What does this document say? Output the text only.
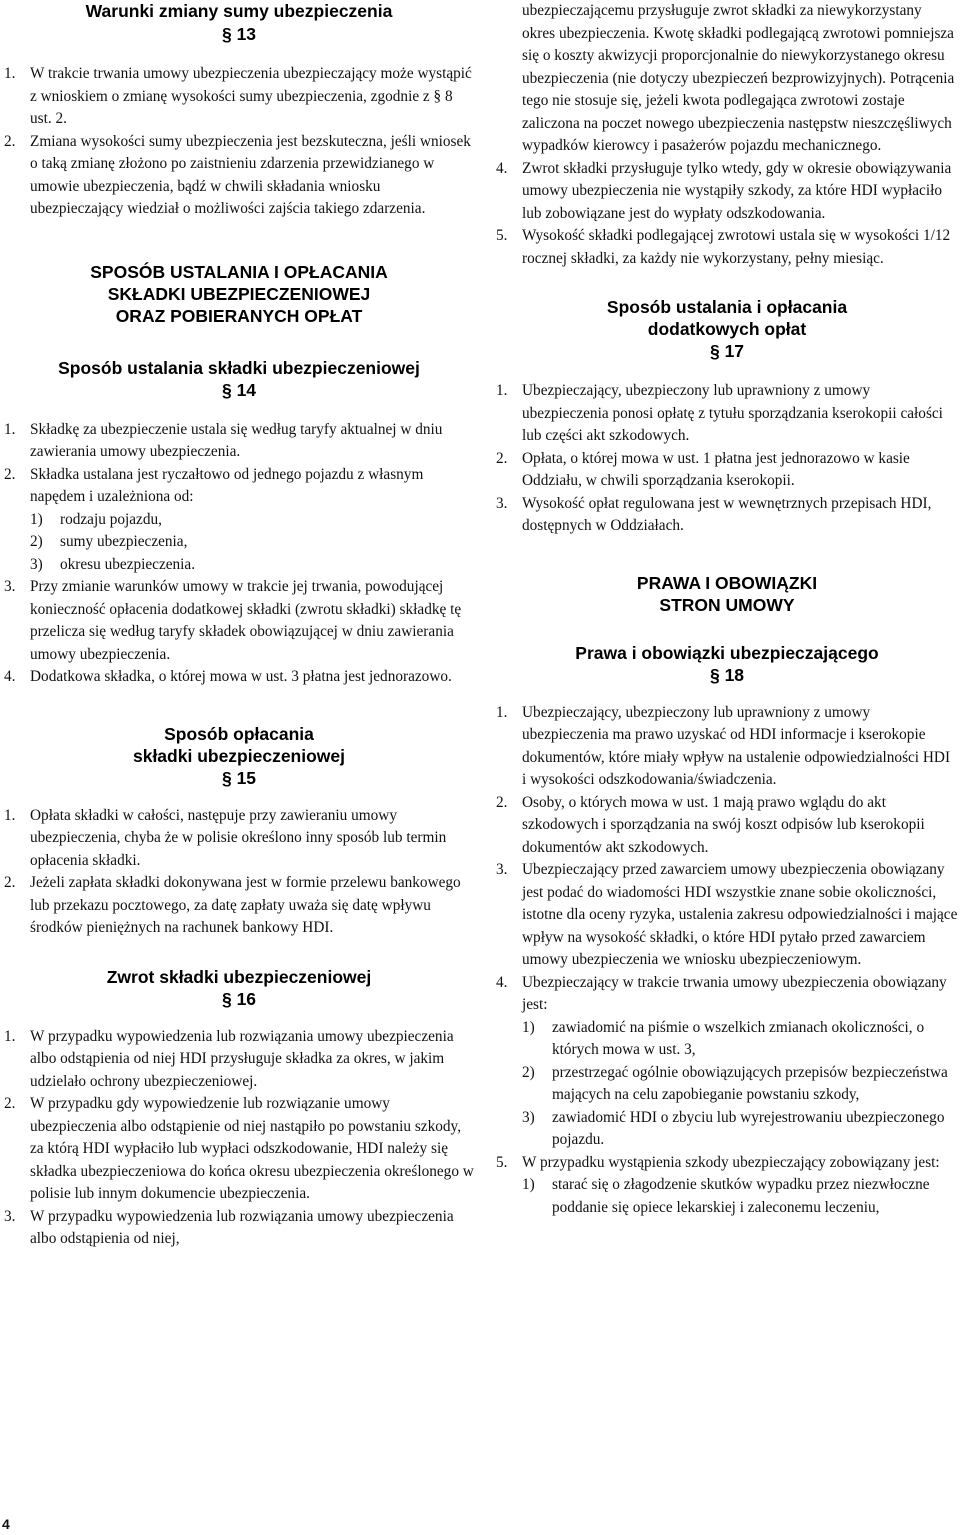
Warunki zmiany sumy ubezpieczenia
§ 13
1. W trakcie trwania umowy ubezpieczenia ubezpieczający może wystąpić z wnioskiem o zmianę wysokości sumy ubezpieczenia, zgodnie z § 8 ust. 2.
2. Zmiana wysokości sumy ubezpieczenia jest bezskuteczna, jeśli wniosek o taką zmianę złożono po zaistnieniu zdarzenia przewidzianego w umowie ubezpieczenia, bądź w chwili składania wniosku ubezpieczający wiedział o możliwości zajścia takiego zdarzenia.
SPOSÓB USTALANIA I OPŁACANIA
SKŁADKI UBEZPIECZENIOWEJ
ORAZ POBIERANYCH OPŁAT
Sposób ustalania składki ubezpieczeniowej
§ 14
1. Składkę za ubezpieczenie ustala się według taryfy aktualnej w dniu zawierania umowy ubezpieczenia.
2. Składka ustalana jest ryczałtowo od jednego pojazdu z własnym napędem i uzależniona od:
1)	rodzaju pojazdu,
2)	sumy ubezpieczenia,
3)	okresu ubezpieczenia.
3. Przy zmianie warunków umowy w trakcie jej trwania, powodującej konieczność opłacenia dodatkowej składki (zwrotu składki) składkę tę przelicza się według taryfy składek obowiązującej w dniu zawierania umowy ubezpieczenia.
4. Dodatkowa składka, o której mowa w ust. 3 płatna jest jednorazowo.
Sposób opłacania
składki ubezpieczeniowej
§ 15
1. Opłata składki w całości, następuje przy zawieraniu umowy ubezpieczenia, chyba że w polisie określono inny sposób lub termin opłacenia składki.
2. Jeżeli zapłata składki dokonywana jest w formie przelewu bankowego lub przekazu pocztowego, za datę zapłaty uważa się datę wpływu środków pieniężnych na rachunek bankowy HDI.
Zwrot składki ubezpieczeniowej
§ 16
1. W przypadku wypowiedzenia lub rozwiązania umowy ubezpieczenia albo odstąpienia od niej HDI przysługuje składka za okres, w jakim udzielało ochrony ubezpieczeniowej.
2. W przypadku gdy wypowiedzenie lub rozwiązanie umowy ubezpieczenia albo odstąpienie od niej nastąpiło po powstaniu szkody, za którą HDI wypłaciło lub wypłaci odszkodowanie, HDI należy się składka ubezpieczeniowa do końca okresu ubezpieczenia określonego w polisie lub innym dokumencie ubezpieczenia.
3. W przypadku wypowiedzenia lub rozwiązania umowy ubezpieczenia albo odstąpienia od niej,
ubezpieczającemu przysługuje zwrot składki za niewykorzystany okres ubezpieczenia. Kwotę składki podlegającą zwrotowi pomniejsza się o koszty akwizycji proporcjonalnie do niewykorzystanego okresu ubezpieczenia (nie dotyczy ubezpieczeń bezprowizyjnych). Potrącenia tego nie stosuje się, jeżeli kwota podlegająca zwrotowi zostaje zaliczona na poczet nowego ubezpieczenia następstw nieszczęśliwych wypadków kierowcy i pasażerów pojazdu mechanicznego.
4. Zwrot składki przysługuje tylko wtedy, gdy w okresie obowiązywania umowy ubezpieczenia nie wystąpiły szkody, za które HDI wypłaciło lub zobowiązane jest do wypłaty odszkodowania.
5. Wysokość składki podlegającej zwrotowi ustala się w wysokości 1/12 rocznej składki, za każdy nie wykorzystany, pełny miesiąc.
Sposób ustalania i opłacania
dodatkowych opłat
§ 17
1. Ubezpieczający, ubezpieczony lub uprawniony z umowy ubezpieczenia ponosi opłatę z tytułu sporządzania kserokopii całości lub części akt szkodowych.
2. Opłata, o której mowa w ust. 1 płatna jest jednorazowo w kasie Oddziału, w chwili sporządzania kserokopii.
3. Wysokość opłat regulowana jest w wewnętrznych przepisach HDI, dostępnych w Oddziałach.
PRAWA I OBOWIĄZKI
STRON UMOWY
Prawa i obowiązki ubezpieczającego
§ 18
1. Ubezpieczający, ubezpieczony lub uprawniony z umowy ubezpieczenia ma prawo uzyskać od HDI informacje i kserokopie dokumentów, które miały wpływ na ustalenie odpowiedzialności HDI i wysokości odszkodowania/świadczenia.
2. Osoby, o których mowa w ust. 1 mają prawo wglądu do akt szkodowych i sporządzania na swój koszt odpisów lub kserokopii dokumentów akt szkodowych.
3. Ubezpieczający przed zawarciem umowy ubezpieczenia obowiązany jest podać do wiadomości HDI wszystkie znane sobie okoliczności, istotne dla oceny ryzyka, ustalenia zakresu odpowiedzialności i mające wpływ na wysokość składki, o które HDI pytało przed zawarciem umowy ubezpieczenia we wniosku ubezpieczeniowym.
4. Ubezpieczający w trakcie trwania umowy ubezpieczenia obowiązany jest:
1)	zawiadomić na piśmie o wszelkich zmianach okoliczności, o których mowa w ust. 3,
2)	przestrzegać ogólnie obowiązujących przepisów bezpieczeństwa mających na celu zapobieganie powstaniu szkody,
3)	zawiadomić HDI o zbyciu lub wyrejestrowaniu ubezpieczonego pojazdu.
5. W przypadku wystąpienia szkody ubezpieczający zobowiązany jest:
1)	starać się o złagodzenie skutków wypadku przez niezwłoczne poddanie się opiece lekarskiej i zaleconemu leczeniu,
4
